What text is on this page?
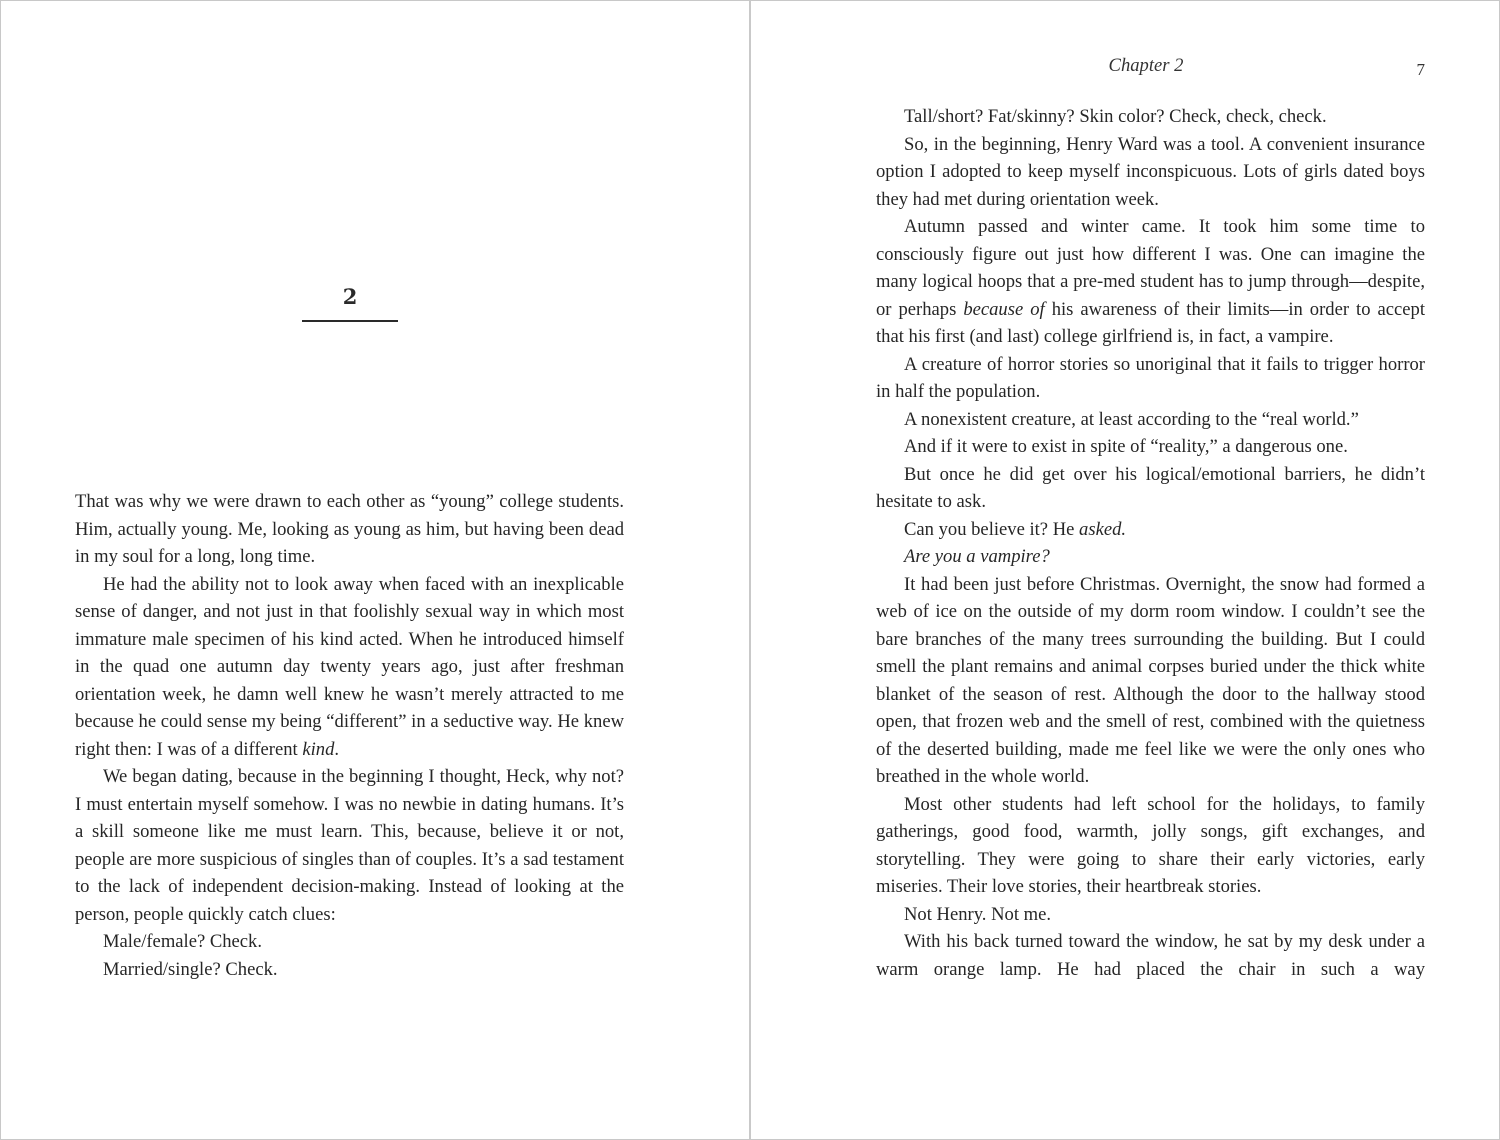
2

That was why we were drawn to each other as “young” college students. Him, actually young. Me, looking as young as him, but having been dead in my soul for a long, long time.

He had the ability not to look away when faced with an inexplicable sense of danger, and not just in that foolishly sexual way in which most immature male specimen of his kind acted. When he introduced himself in the quad one autumn day twenty years ago, just after freshman orientation week, he damn well knew he wasn’t merely attracted to me because he could sense my being “different” in a seductive way. He knew right then: I was of a different kind.

We began dating, because in the beginning I thought, Heck, why not? I must entertain myself somehow. I was no newbie in dating humans. It’s a skill someone like me must learn. This, because, believe it or not, people are more suspicious of singles than of couples. It’s a sad testament to the lack of independent decision-making. Instead of looking at the person, people quickly catch clues:

Male/female? Check.

Married/single? Check.

Chapter 2	7

Tall/short? Fat/skinny? Skin color? Check, check, check.

So, in the beginning, Henry Ward was a tool. A convenient insurance option I adopted to keep myself inconspicuous. Lots of girls dated boys they had met during orientation week.

Autumn passed and winter came. It took him some time to consciously figure out just how different I was. One can imagine the many logical hoops that a pre-med student has to jump through—despite, or perhaps because of his awareness of their limits—in order to accept that his first (and last) college girlfriend is, in fact, a vampire.

A creature of horror stories so unoriginal that it fails to trigger horror in half the population.

A nonexistent creature, at least according to the “real world.”

And if it were to exist in spite of “reality,” a dangerous one.

But once he did get over his logical/emotional barriers, he didn’t hesitate to ask.

Can you believe it? He asked.

Are you a vampire?

It had been just before Christmas. Overnight, the snow had formed a web of ice on the outside of my dorm room window. I couldn’t see the bare branches of the many trees surrounding the building. But I could smell the plant remains and animal corpses buried under the thick white blanket of the season of rest. Although the door to the hallway stood open, that frozen web and the smell of rest, combined with the quietness of the deserted building, made me feel like we were the only ones who breathed in the whole world.

Most other students had left school for the holidays, to family gatherings, good food, warmth, jolly songs, gift exchanges, and storytelling. They were going to share their early victories, early miseries. Their love stories, their heartbreak stories.

Not Henry. Not me.

With his back turned toward the window, he sat by my desk under a warm orange lamp. He had placed the chair in such a way
